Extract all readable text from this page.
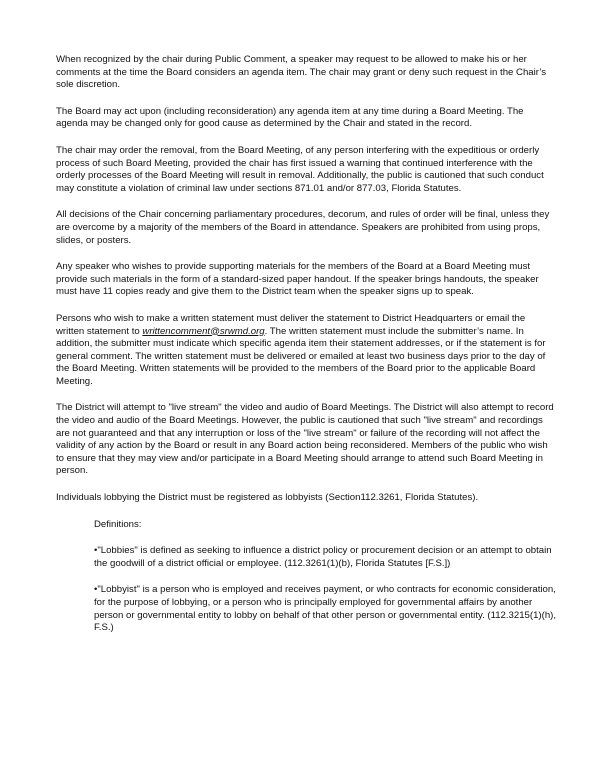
When recognized by the chair during Public Comment, a speaker may request to be allowed to make his or her comments at the time the Board considers an agenda item. The chair may grant or deny such request in the Chair’s sole discretion.

The Board may act upon (including reconsideration) any agenda item at any time during a Board Meeting. The agenda may be changed only for good cause as determined by the Chair and stated in the record.

The chair may order the removal, from the Board Meeting, of any person interfering with the expeditious or orderly process of such Board Meeting, provided the chair has first issued a warning that continued interference with the orderly processes of the Board Meeting will result in removal. Additionally, the public is cautioned that such conduct may constitute a violation of criminal law under sections 871.01 and/or 877.03, Florida Statutes.

All decisions of the Chair concerning parliamentary procedures, decorum, and rules of order will be final, unless they are overcome by a majority of the members of the Board in attendance. Speakers are prohibited from using props, slides, or posters.

Any speaker who wishes to provide supporting materials for the members of the Board at a Board Meeting must provide such materials in the form of a standard-sized paper handout. If the speaker brings handouts, the speaker must have 11 copies ready and give them to the District team when the speaker signs up to speak.

Persons who wish to make a written statement must deliver the statement to District Headquarters or email the written statement to writtencomment@srwmd.org. The written statement must include the submitter’s name. In addition, the submitter must indicate which specific agenda item their statement addresses, or if the statement is for general comment. The written statement must be delivered or emailed at least two business days prior to the day of the Board Meeting. Written statements will be provided to the members of the Board prior to the applicable Board Meeting.

The District will attempt to "live stream" the video and audio of Board Meetings. The District will also attempt to record the video and audio of the Board Meetings. However, the public is cautioned that such "live stream" and recordings are not guaranteed and that any interruption or loss of the "live stream" or failure of the recording will not affect the validity of any action by the Board or result in any Board action being reconsidered. Members of the public who wish to ensure that they may view and/or participate in a Board Meeting should arrange to attend such Board Meeting in person.

Individuals lobbying the District must be registered as lobbyists (Section112.3261, Florida Statutes).

Definitions:

•"Lobbies" is defined as seeking to influence a district policy or procurement decision or an attempt to obtain the goodwill of a district official or employee. (112.3261(1)(b), Florida Statutes [F.S.])

•"Lobbyist" is a person who is employed and receives payment, or who contracts for economic consideration, for the purpose of lobbying, or a person who is principally employed for governmental affairs by another person or governmental entity to lobby on behalf of that other person or governmental entity. (112.3215(1)(h), F.S.)
